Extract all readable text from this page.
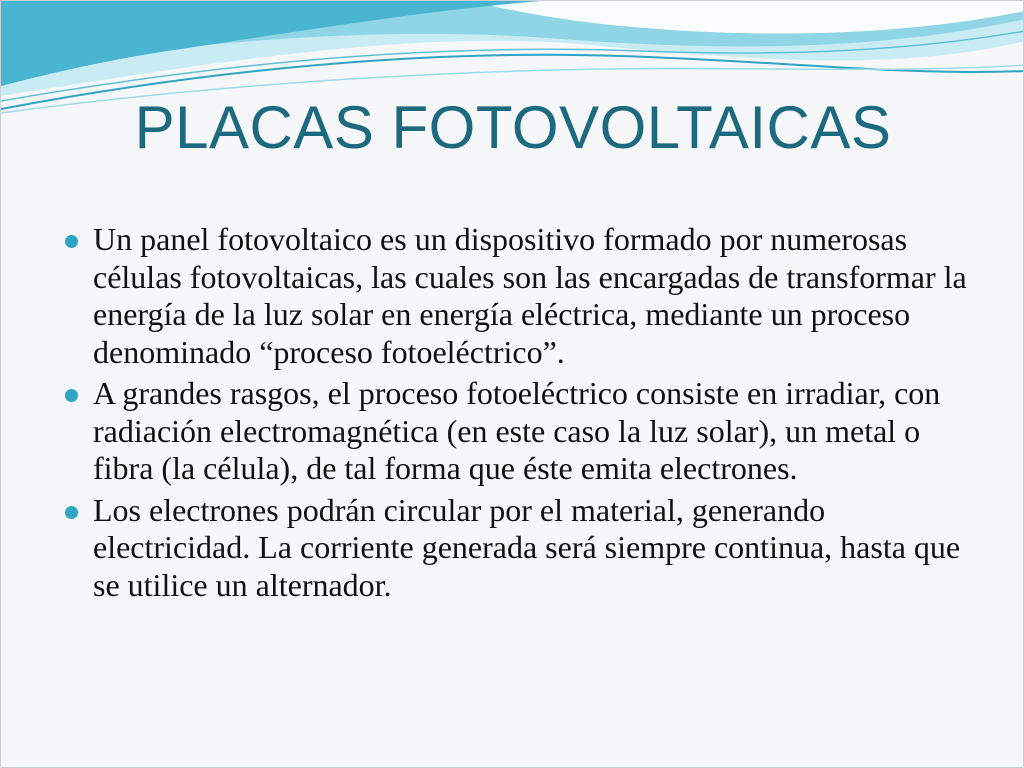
PLACAS FOTOVOLTAICAS
Un panel fotovoltaico es un dispositivo formado por numerosas células fotovoltaicas, las cuales son las encargadas de transformar la energía de la luz solar en energía eléctrica, mediante un proceso denominado “proceso fotoeléctrico”.
A grandes rasgos, el proceso fotoeléctrico consiste en irradiar, con radiación electromagnética (en este caso la luz solar), un metal o fibra (la célula), de tal forma que éste emita electrones.
Los electrones podrán circular por el material, generando electricidad. La corriente generada será siempre continua, hasta que se utilice un alternador.
